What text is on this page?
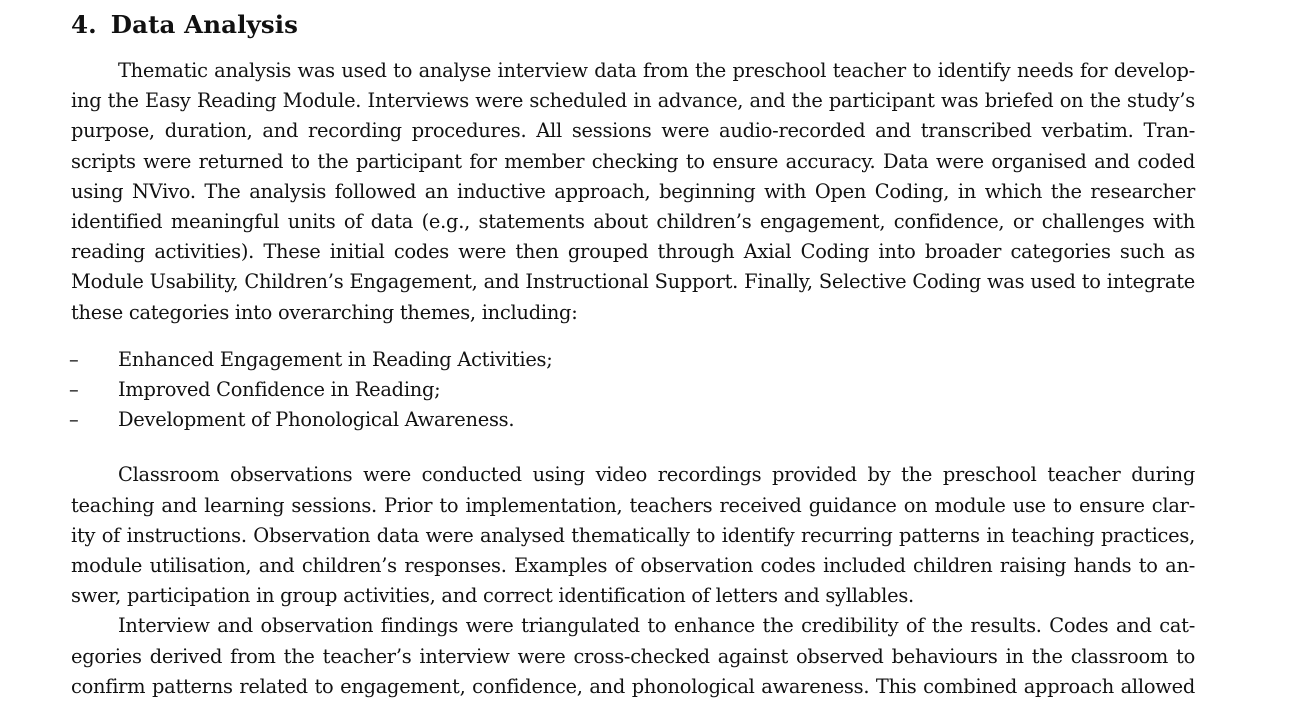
4. Data Analysis

Thematic analysis was used to analyse interview data from the preschool teacher to identify needs for develop-
ing the Easy Reading Module. Interviews were scheduled in advance, and the participant was briefed on the study’s
purpose, duration, and recording procedures. All sessions were audio-recorded and transcribed verbatim. Tran-
scripts were returned to the participant for member checking to ensure accuracy. Data were organised and coded
using NVivo. The analysis followed an inductive approach, beginning with Open Coding, in which the researcher
identified meaningful units of data (e.g., statements about children’s engagement, confidence, or challenges with
reading activities). These initial codes were then grouped through Axial Coding into broader categories such as
Module Usability, Children’s Engagement, and Instructional Support. Finally, Selective Coding was used to integrate
these categories into overarching themes, including:

– Enhanced Engagement in Reading Activities;
– Improved Confidence in Reading;
– Development of Phonological Awareness.

Classroom observations were conducted using video recordings provided by the preschool teacher during
teaching and learning sessions. Prior to implementation, teachers received guidance on module use to ensure clar-
ity of instructions. Observation data were analysed thematically to identify recurring patterns in teaching practices,
module utilisation, and children’s responses. Examples of observation codes included children raising hands to an-
swer, participation in group activities, and correct identification of letters and syllables.

Interview and observation findings were triangulated to enhance the credibility of the results. Codes and cat-
egories derived from the teacher’s interview were cross-checked against observed behaviours in the classroom to
confirm patterns related to engagement, confidence, and phonological awareness. This combined approach allowed
